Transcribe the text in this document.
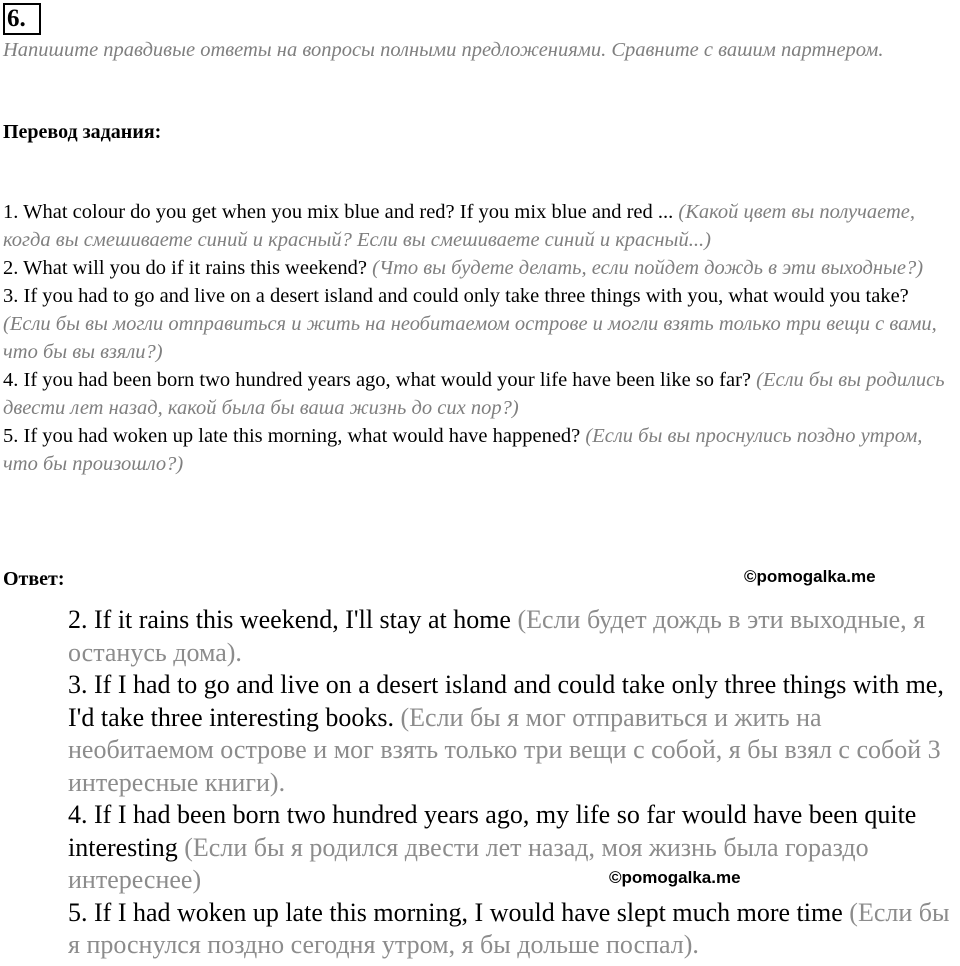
6.
Напишите правдивые ответы на вопросы полными предложениями. Сравните с вашим партнером.
Перевод задания:

1. What colour do you get when you mix blue and red? If you mix blue and red ... (Какой цвет вы получаете, когда вы смешиваете синий и красный? Если вы смешиваете синий и красный...)

2. What will you do if it rains this weekend? (Что вы будете делать, если пойдет дождь в эти выходные?)

3. If you had to go and live on a desert island and could only take three things with you, what would you take? (Если бы вы могли отправиться и жить на необитаемом острове и могли взять только три вещи с вами, что бы вы взяли?)

4. If you had been born two hundred years ago, what would your life have been like so far? (Если бы вы родились двести лет назад, какой была бы ваша жизнь до сих пор?)

5. If you had woken up late this morning, what would have happened? (Если бы вы проснулись поздно утром, что бы произошло?)

Ответ:	©pomogalka.me

2. If it rains this weekend, I'll stay at home (Если будет дождь в эти выходные, я останусь дома).

3. If I had to go and live on a desert island and could take only three things with me, I'd take three interesting books. (Если бы я мог отправиться и жить на необитаемом острове и мог взять только три вещи с собой, я бы взял с собой 3 интересные книги).

4. If I had been born two hundred years ago, my life so far would have been quite interesting (Если бы я родился двести лет назад, моя жизнь была гораздо интереснее)

5. If I had woken up late this morning, I would have slept much more time (Если бы я проснулся поздно сегодня утром, я бы дольше поспал).

©pomogalka.me
